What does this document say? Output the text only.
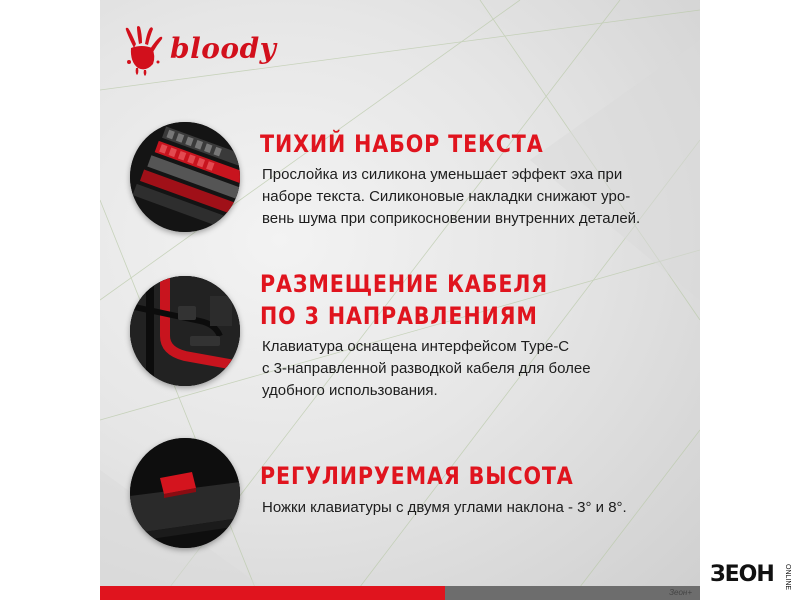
bloody
ТИХИЙ НАБОР ТЕКСТА
Прослойка из силикона уменьшает эффект эха при
наборе текста. Силиконовые накладки снижают уро-
вень шума при соприкосновении внутренних деталей.
РАЗМЕЩЕНИЕ КАБЕЛЯ
ПО 3 НАПРАВЛЕНИЯМ
Клавиатура оснащена интерфейсом Type-C
с 3-направленной разводкой кабеля для более
удобного использования.
РЕГУЛИРУЕМАЯ ВЫСОТА
Ножки клавиатуры с двумя углами наклона - 3° и 8°.
Зеон+
ЗЕОН ONLINE
